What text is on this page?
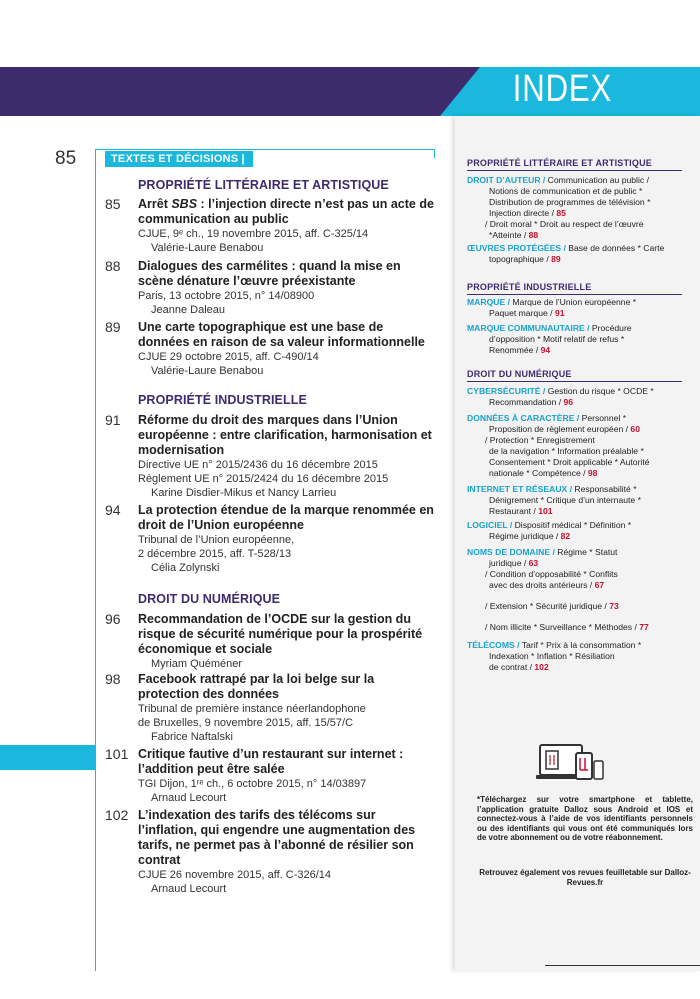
INDEX
85	TEXTES ET DÉCISIONS |
PROPRIÉTÉ LITTÉRAIRE ET ARTISTIQUE
85 Arrêt SBS : l’injection directe n’est pas un acte de communication au public
CJUE, 9ᵉ ch., 19 novembre 2015, aff. C-325/14
Valérie-Laure Benabou
88 Dialogues des carmélites : quand la mise en scène dénature l’œuvre préexistante
Paris, 13 octobre 2015, n° 14/08900
Jeanne Daleau
89 Une carte topographique est une base de données en raison de sa valeur informationnelle
CJUE 29 octobre 2015, aff. C-490/14
Valérie-Laure Benabou
PROPRIÉTÉ INDUSTRIELLE
91 Réforme du droit des marques dans l’Union européenne : entre clarification, harmonisation et modernisation
Directive UE n° 2015/2436 du 16 décembre 2015
Règlement UE n° 2015/2424 du 16 décembre 2015
Karine Disdier-Mikus et Nancy Larrieu
94 La protection étendue de la marque renommée en droit de l’Union européenne
Tribunal de l’Union européenne,
2 décembre 2015, aff. T-528/13
Célia Zolynski
DROIT DU NUMÉRIQUE
96 Recommandation de l’OCDE sur la gestion du risque de sécurité numérique pour la prospérité économique et sociale
Myriam Quéméner
98 Facebook rattrapé par la loi belge sur la protection des données
Tribunal de première instance néerlandophone
de Bruxelles, 9 novembre 2015, aff. 15/57/C
Fabrice Naftalski
101 Critique fautive d’un restaurant sur internet : l’addition peut être salée
TGI Dijon, 1ʳᵉ ch., 6 octobre 2015, n° 14/03897
Arnaud Lecourt
102 L’indexation des tarifs des télécoms sur l’inflation, qui engendre une augmentation des tarifs, ne permet pas à l’abonné de résilier son contrat
CJUE 26 novembre 2015, aff. C-326/14
Arnaud Lecourt
PROPRIÉTÉ LITTÉRAIRE ET ARTISTIQUE
DROIT D’AUTEUR / Communication au public /
Notions de communication et de public *
Distribution de programmes de télévision *
Injection directe / 85
/ Droit moral * Droit au respect de l’œuvre
*Atteinte / 88
ŒUVRES PROTÉGÉES / Base de données * Carte
topographique / 89
PROPRIÉTÉ INDUSTRIELLE
MARQUE / Marque de l’Union européenne *
Paquet marque / 91
MARQUE COMMUNAUTAIRE / Procédure
d’opposition * Motif relatif de refus *
Renommée / 94
DROIT DU NUMÉRIQUE
CYBERSÉCURITÉ / Gestion du risque * OCDE *
Recommandation / 96
DONNÉES À CARACTÈRE / Personnel *
Proposition de règlement européen / 60
/ Protection * Enregistrement
de la navigation * Information préalable *
Consentement * Droit applicable * Autorité
nationale * Compétence / 98
INTERNET ET RÉSEAUX / Responsabilité *
Dénigrement * Critique d’un internaute *
Restaurant / 101
LOGICIEL / Dispositif médical * Définition *
Régime juridique / 82
NOMS DE DOMAINE / Régime * Statut
juridique / 63
/ Condition d’opposabilité * Conflits
avec des droits antérieurs / 67
/ Extension * Sécurité juridique / 73
/ Nom illicite * Surveillance * Méthodes / 77
TÉLÉCOMS / Tarif * Prix à la consommation *
Indexation * Inflation * Résiliation
de contrat / 102
*Téléchargez sur votre smartphone et tablette, l’application gratuite Dalloz sous Android et IOS et connectez-vous à l’aide de vos identifiants personnels ou des identifiants qui vous ont été communiqués lors de votre abonnement ou de votre réabonnement.
Retrouvez également vos revues feuilletable sur Dalloz-Revues.fr
